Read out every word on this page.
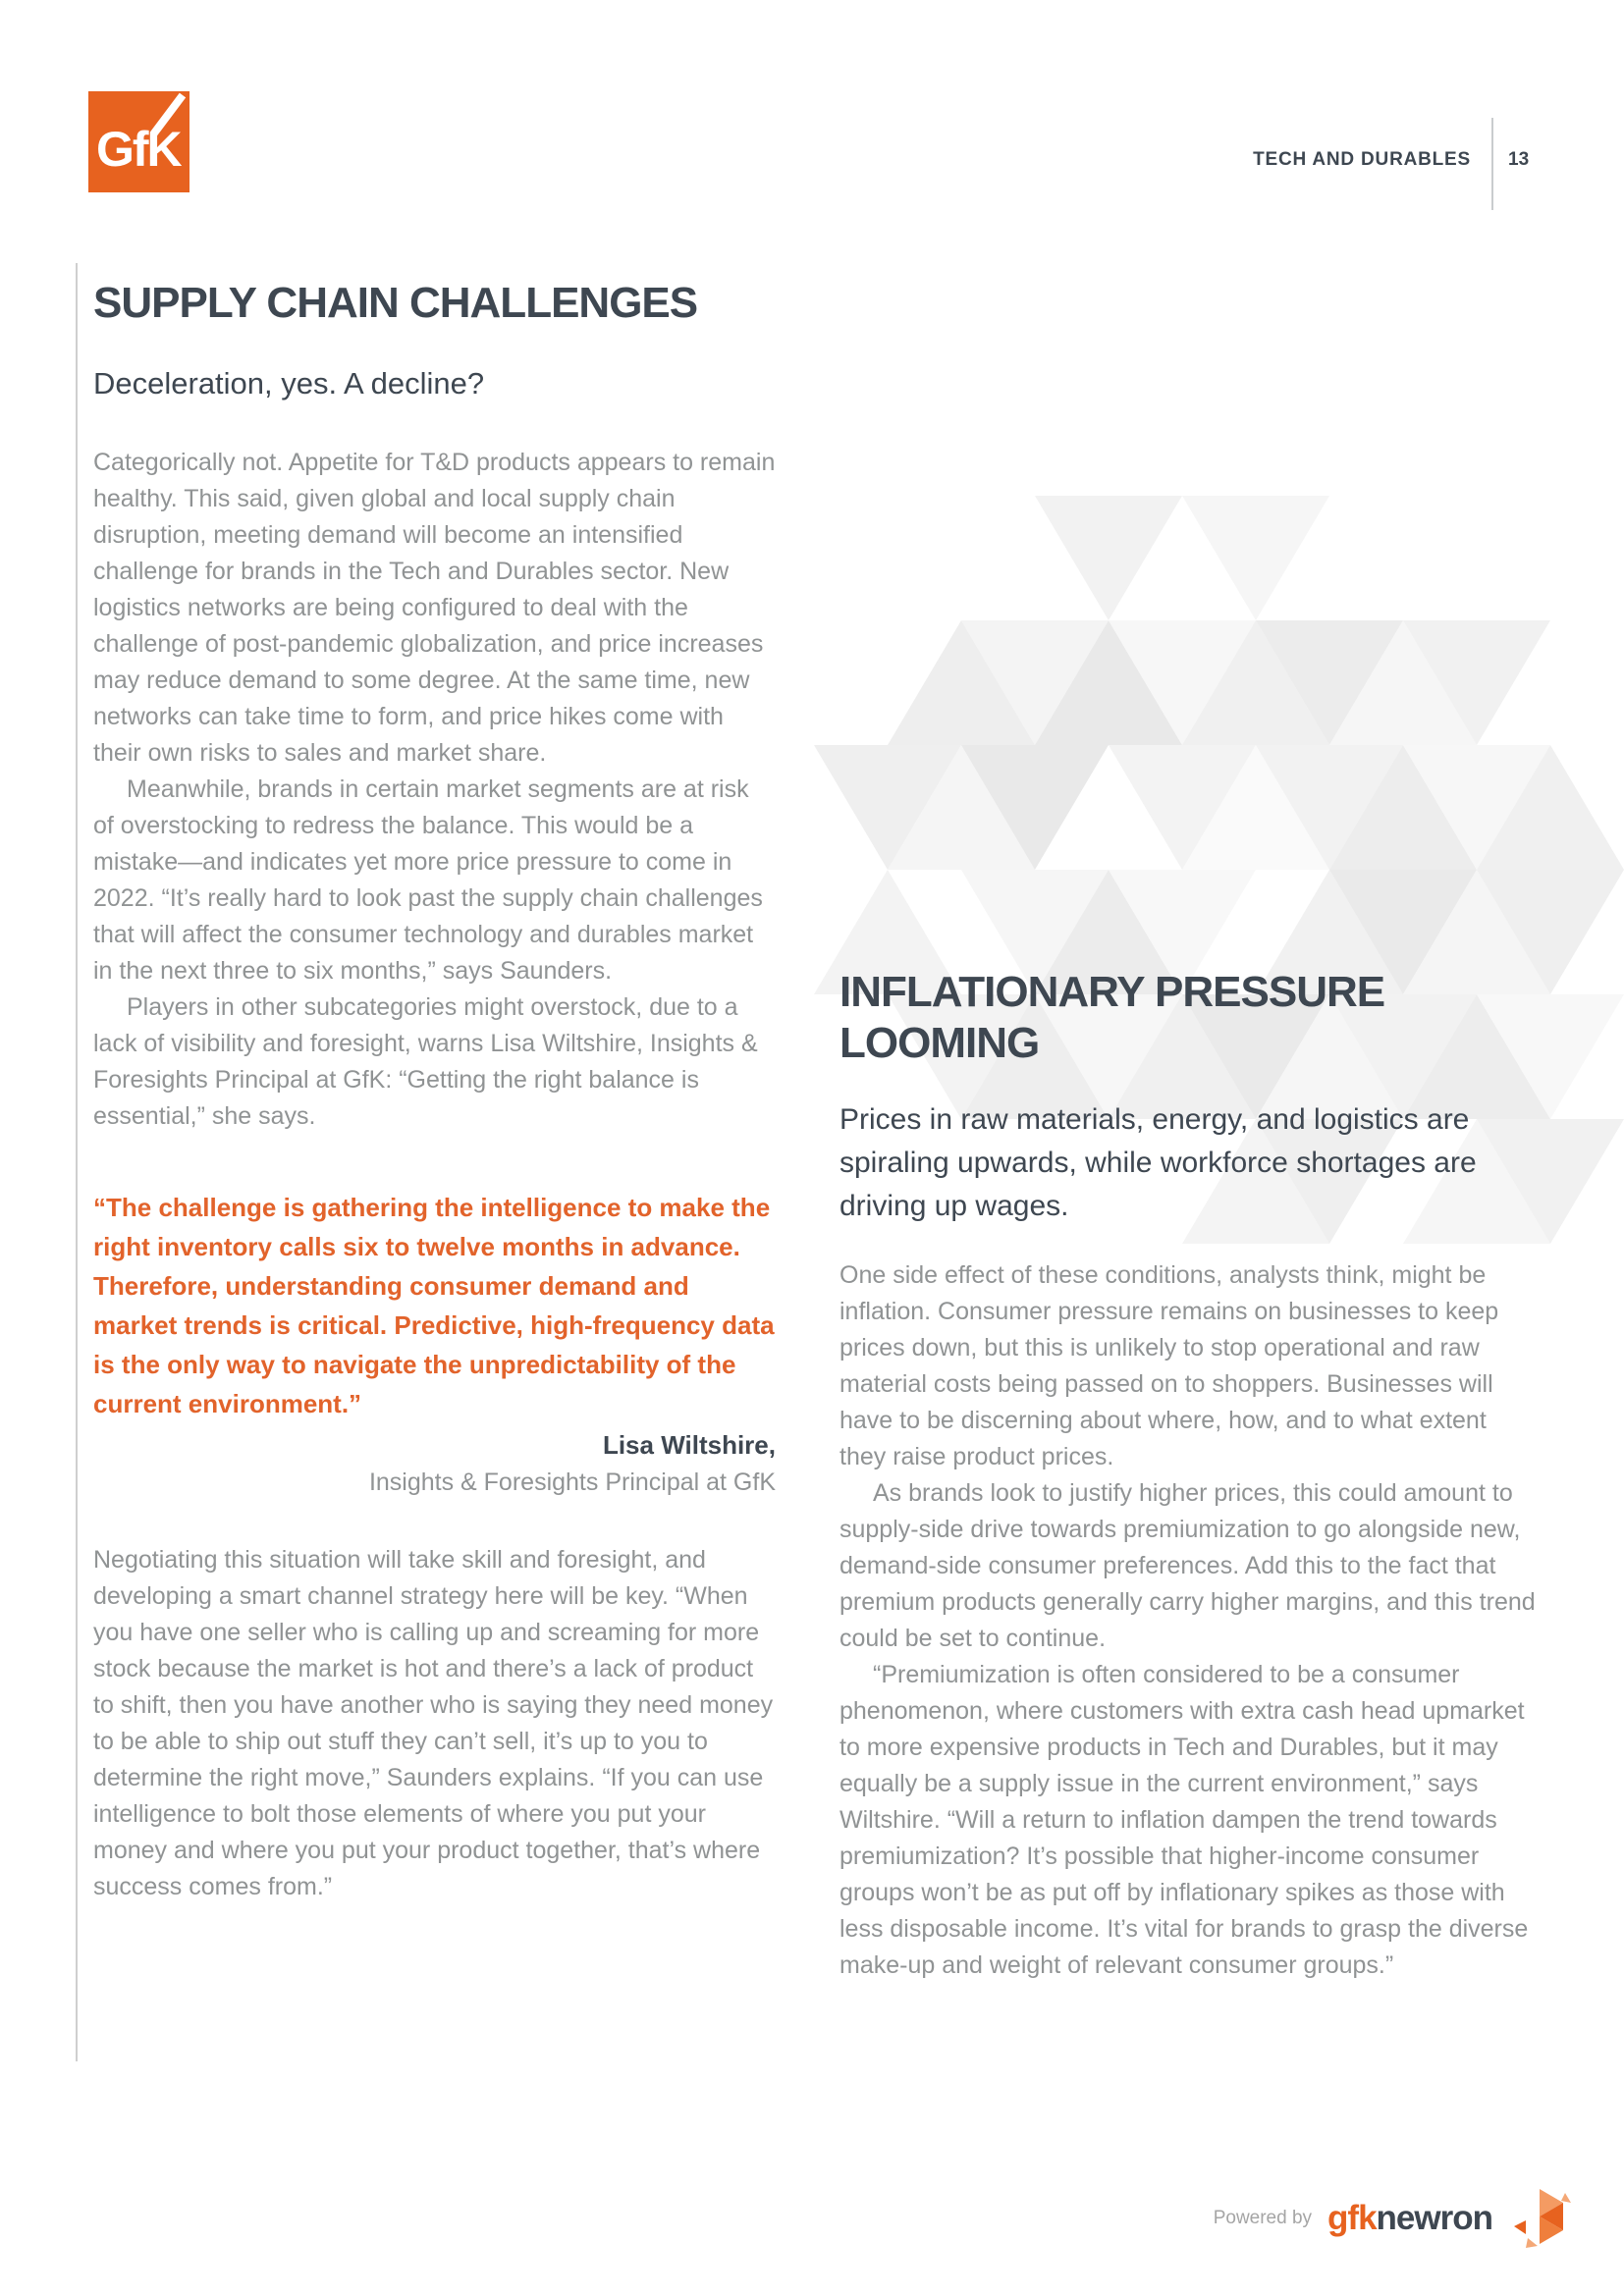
GfK	TECH AND DURABLES 13
SUPPLY CHAIN CHALLENGES
Deceleration, yes. A decline?

Categorically not. Appetite for T&D products appears to remain healthy. This said, given global and local supply chain disruption, meeting demand will become an intensified challenge for brands in the Tech and Durables sector. New logistics networks are being configured to deal with the challenge of post-pandemic globalization, and price increases may reduce demand to some degree. At the same time, new networks can take time to form, and price hikes come with their own risks to sales and market share.

Meanwhile, brands in certain market segments are at risk of overstocking to redress the balance. This would be a mistake—and indicates yet more price pressure to come in 2022. “It’s really hard to look past the supply chain challenges that will affect the consumer technology and durables market in the next three to six months,” says Saunders.

Players in other subcategories might overstock, due to a lack of visibility and foresight, warns Lisa Wiltshire, Insights & Foresights Principal at GfK: “Getting the right balance is essential,” she says.

“The challenge is gathering the intelligence to make the right inventory calls six to twelve months in advance. Therefore, understanding consumer demand and market trends is critical. Predictive, high-frequency data is the only way to navigate the unpredictability of the current environment.”
Lisa Wiltshire,
Insights & Foresights Principal at GfK

Negotiating this situation will take skill and foresight, and developing a smart channel strategy here will be key. “When you have one seller who is calling up and screaming for more stock because the market is hot and there’s a lack of product to shift, then you have another who is saying they need money to be able to ship out stuff they can’t sell, it’s up to you to determine the right move,” Saunders explains. “If you can use intelligence to bolt those elements of where you put your money and where you put your product together, that’s where success comes from.”

INFLATIONARY PRESSURE LOOMING

Prices in raw materials, energy, and logistics are spiraling upwards, while workforce shortages are driving up wages.

One side effect of these conditions, analysts think, might be inflation. Consumer pressure remains on businesses to keep prices down, but this is unlikely to stop operational and raw material costs being passed on to shoppers. Businesses will have to be discerning about where, how, and to what extent they raise product prices.

As brands look to justify higher prices, this could amount to supply-side drive towards premiumization to go alongside new, demand-side consumer preferences. Add this to the fact that premium products generally carry higher margins, and this trend could be set to continue.

“Premiumization is often considered to be a consumer phenomenon, where customers with extra cash head upmarket to more expensive products in Tech and Durables, but it may equally be a supply issue in the current environment,” says Wiltshire. “Will a return to inflation dampen the trend towards premiumization? It’s possible that higher-income consumer groups won’t be as put off by inflationary spikes as those with less disposable income. It’s vital for brands to grasp the diverse make-up and weight of relevant consumer groups.”

Powered by gfknewron
